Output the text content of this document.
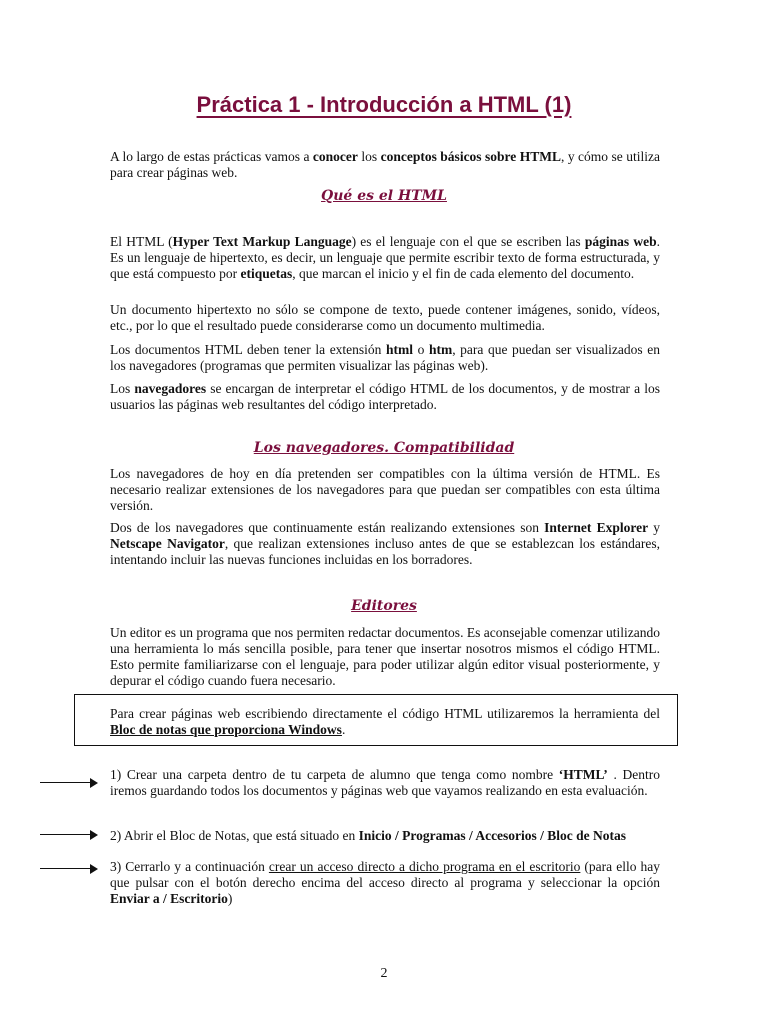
Práctica 1 - Introducción a HTML (1)
A lo largo de estas prácticas vamos a conocer los conceptos básicos sobre HTML, y cómo se utiliza para crear páginas web.
Qué es el HTML
El HTML (Hyper Text Markup Language) es el lenguaje con el que se escriben las páginas web. Es un lenguaje de hipertexto, es decir, un lenguaje que permite escribir texto de forma estructurada, y que está compuesto por etiquetas, que marcan el inicio y el fin de cada elemento del documento.
Un documento hipertexto no sólo se compone de texto, puede contener imágenes, sonido, vídeos, etc., por lo que el resultado puede considerarse como un documento multimedia.
Los documentos HTML deben tener la extensión html o htm, para que puedan ser visualizados en los navegadores (programas que permiten visualizar las páginas web).
Los navegadores se encargan de interpretar el código HTML de los documentos, y de mostrar a los usuarios las páginas web resultantes del código interpretado.
Los navegadores. Compatibilidad
Los navegadores de hoy en día pretenden ser compatibles con la última versión de HTML. Es necesario realizar extensiones de los navegadores para que puedan ser compatibles con esta última versión.
Dos de los navegadores que continuamente están realizando extensiones son Internet Explorer y Netscape Navigator, que realizan extensiones incluso antes de que se establezcan los estándares, intentando incluir las nuevas funciones incluidas en los borradores.
Editores
Un editor es un programa que nos permiten redactar documentos. Es aconsejable comenzar utilizando una herramienta lo más sencilla posible, para tener que insertar nosotros mismos el código HTML. Esto permite familiarizarse con el lenguaje, para poder utilizar algún editor visual posteriormente, y depurar el código cuando fuera necesario.
Para crear páginas web escribiendo directamente el código HTML utilizaremos la herramienta del Bloc de notas que proporciona Windows.
1) Crear una carpeta dentro de tu carpeta de alumno que tenga como nombre ‘HTML’ . Dentro iremos guardando todos los documentos y páginas web que vayamos realizando en esta evaluación.
2) Abrir el Bloc de Notas, que está situado en Inicio / Programas / Accesorios / Bloc de Notas
3) Cerrarlo y a continuación crear un acceso directo a dicho programa en el escritorio (para ello hay que pulsar con el botón derecho encima del acceso directo al programa y seleccionar la opción Enviar a / Escritorio)
2
